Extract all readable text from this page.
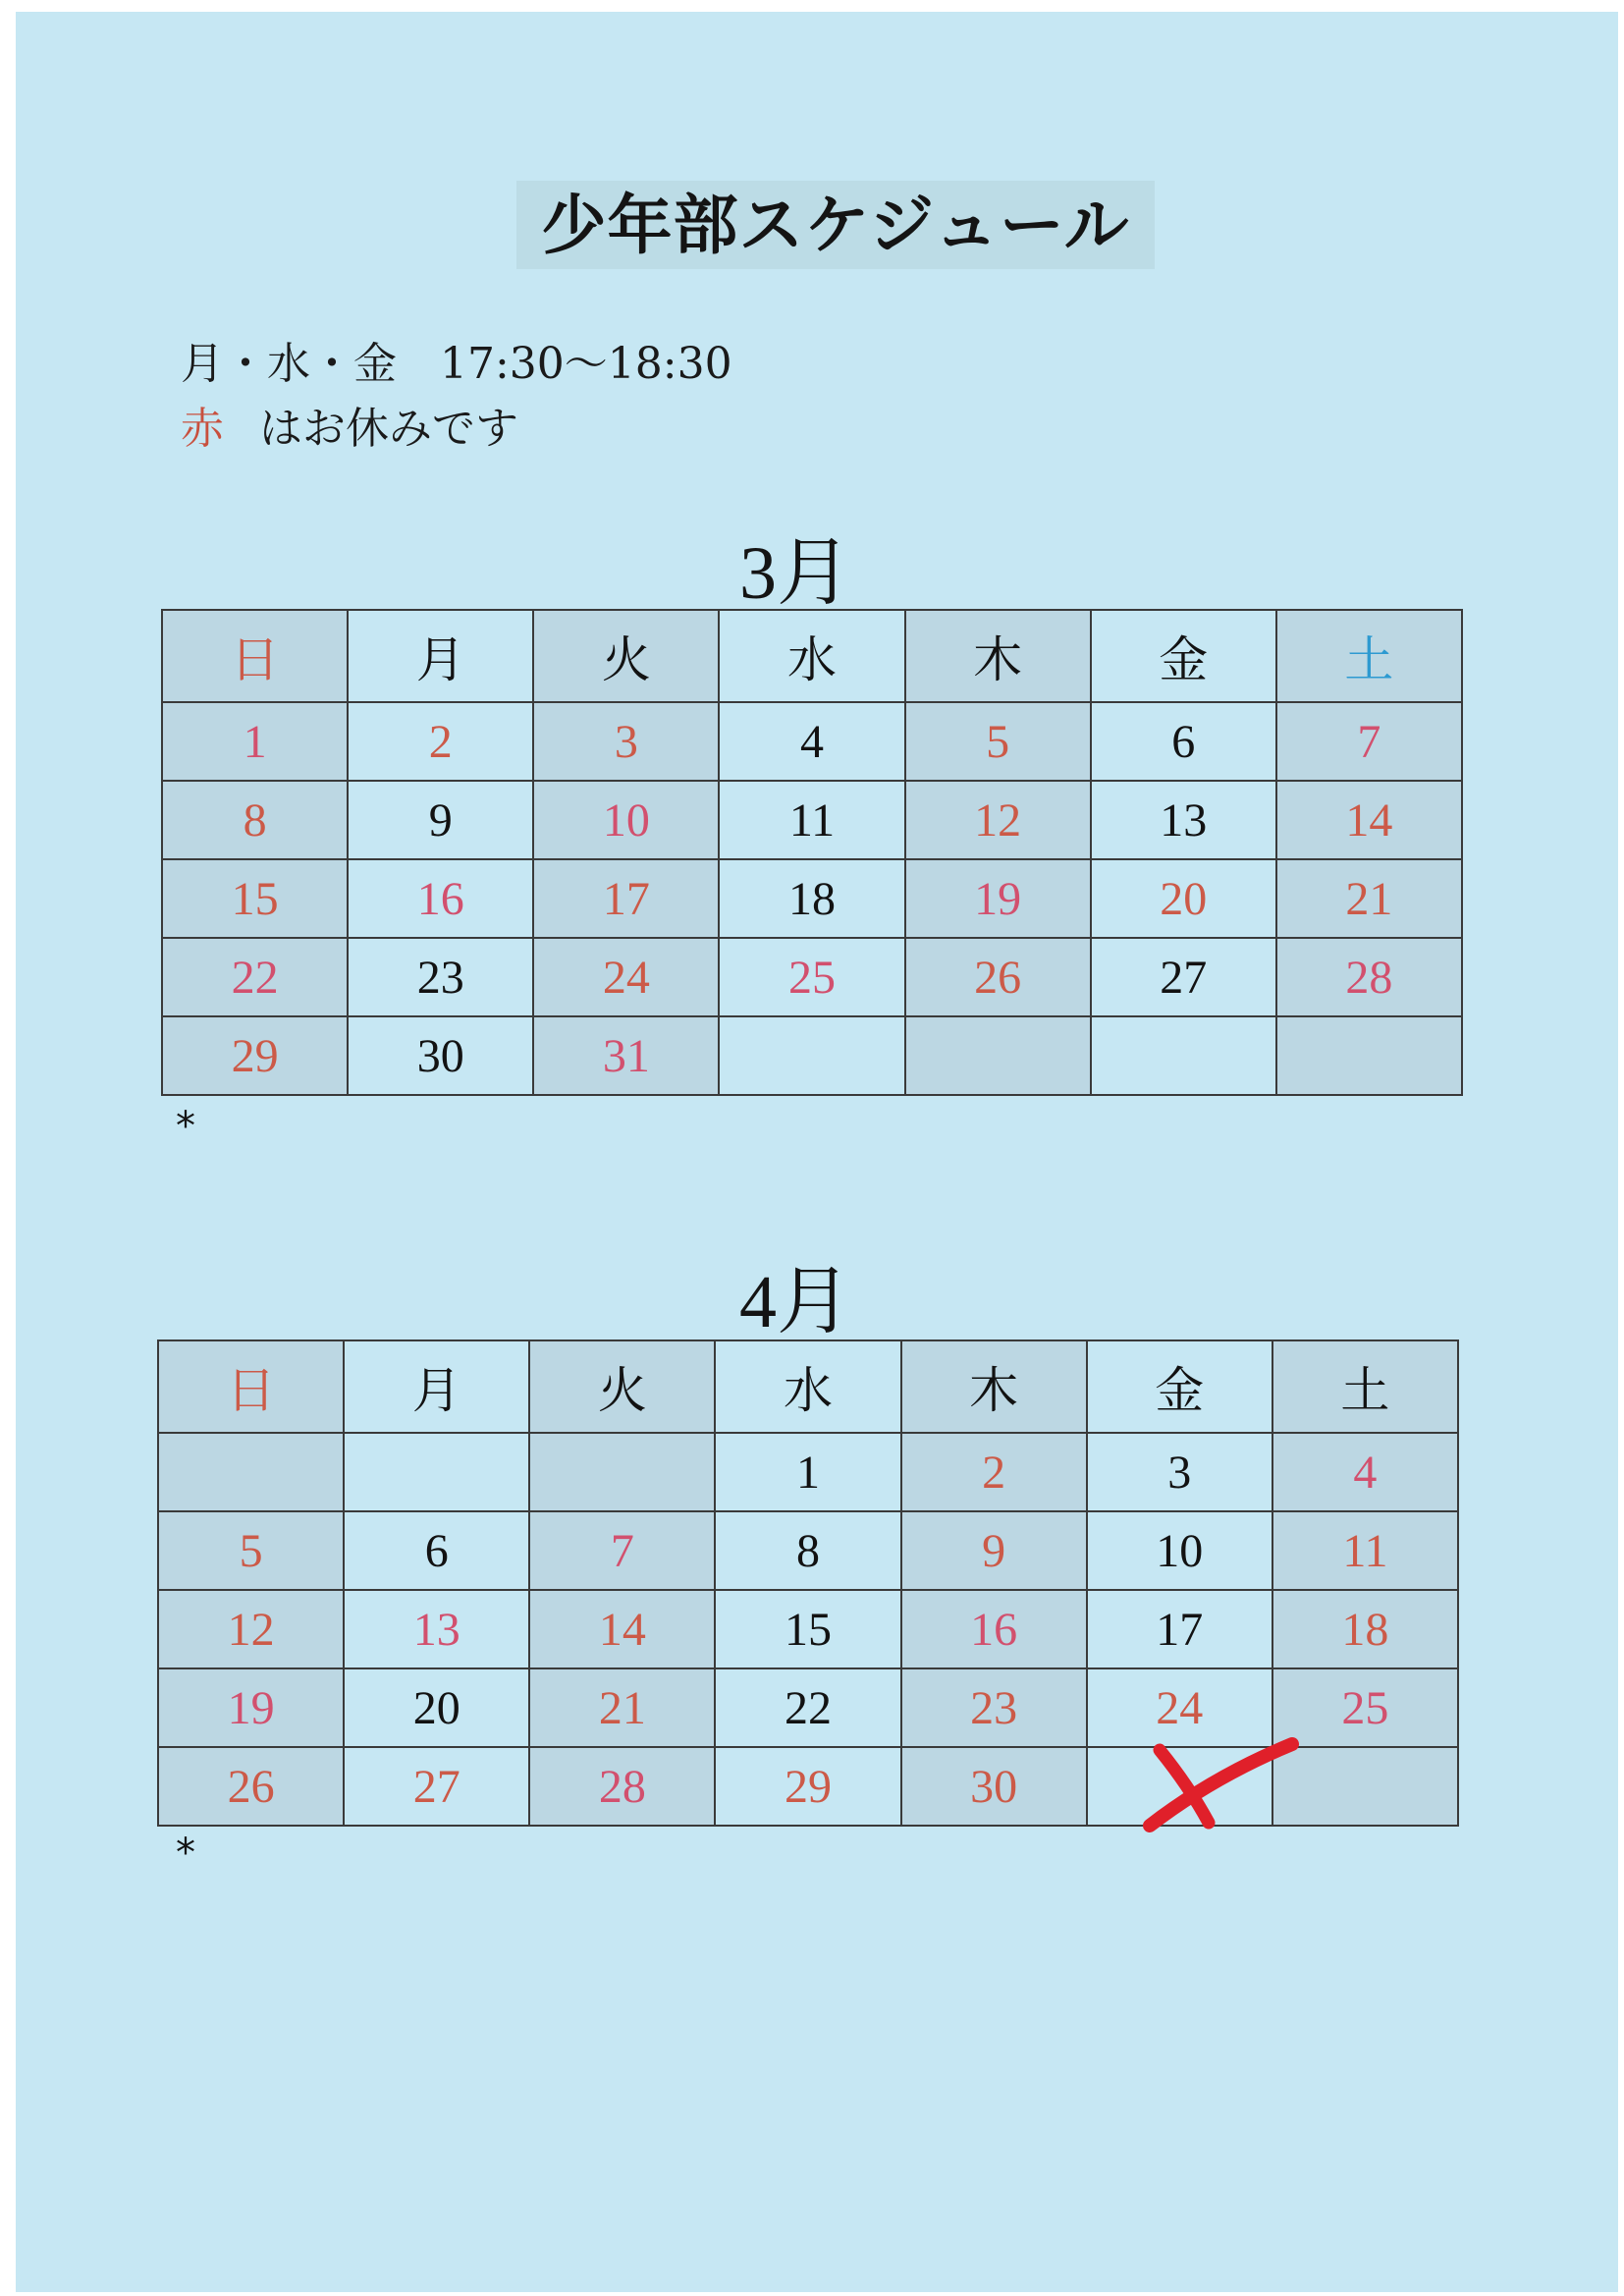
少年部スケジュール
月・水・金　17:30〜18:30
赤 はお休みです
3月
日	月	火	水	木	金	土
1	2	3	4	5	6	7
8	9	10	11	12	13	14
15	16	17	18	19	20	21
22	23	24	25	26	27	28
29	30	31				
*
4月
日	月	火	水	木	金	土
			1	2	3	4
5	6	7	8	9	10	11
12	13	14	15	16	17	18
19	20	21	22	23	24	25
26	27	28	29	30		
*
